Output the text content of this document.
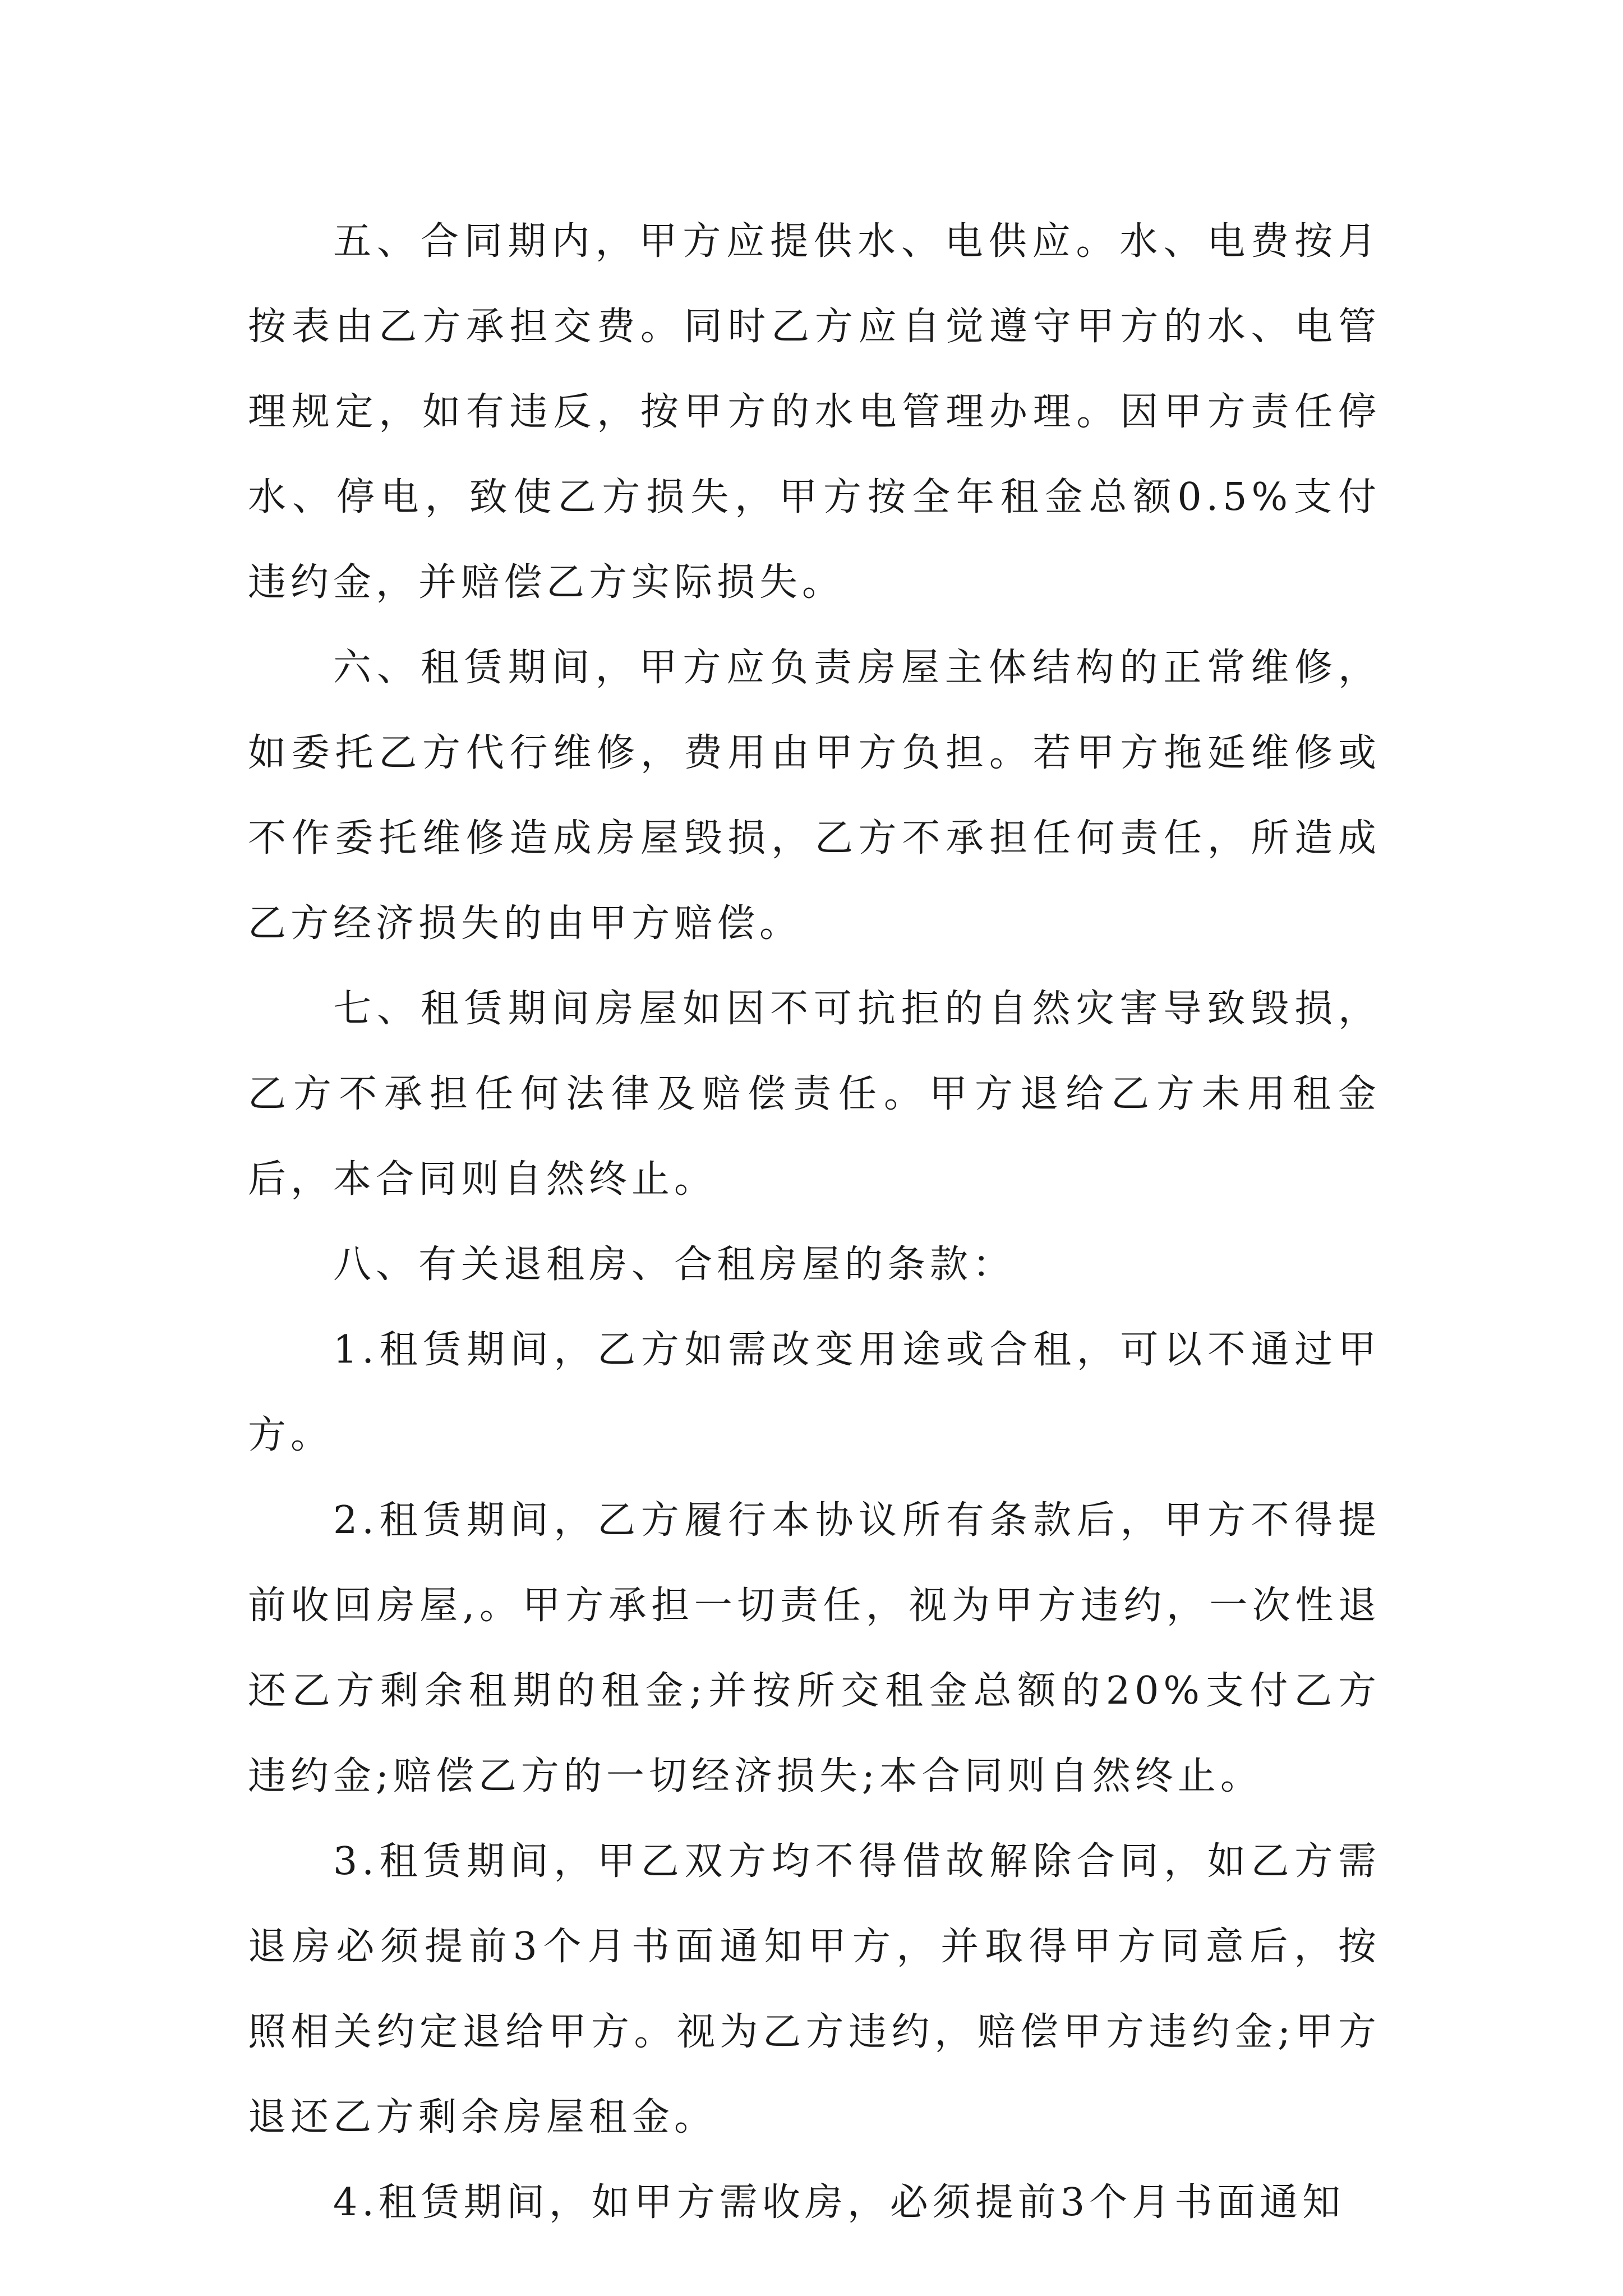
五、合同期内，甲方应提供水、电供应。水、电费按月按表由乙方承担交费。同时乙方应自觉遵守甲方的水、电管理规定，如有违反，按甲方的水电管理办理。因甲方责任停水、停电，致使乙方损失，甲方按全年租金总额0.5%支付违约金，并赔偿乙方实际损失。

六、租赁期间，甲方应负责房屋主体结构的正常维修，如委托乙方代行维修，费用由甲方负担。若甲方拖延维修或不作委托维修造成房屋毁损，乙方不承担任何责任，所造成乙方经济损失的由甲方赔偿。

七、租赁期间房屋如因不可抗拒的自然灾害导致毁损，乙方不承担任何法律及赔偿责任。甲方退给乙方未用租金后，本合同则自然终止。

八、有关退租房、合租房屋的条款：

1.租赁期间，乙方如需改变用途或合租，可以不通过甲方。

2.租赁期间，乙方履行本协议所有条款后，甲方不得提前收回房屋,。甲方承担一切责任，视为甲方违约，一次性退还乙方剩余租期的租金;并按所交租金总额的20%支付乙方违约金;赔偿乙方的一切经济损失;本合同则自然终止。

3.租赁期间，甲乙双方均不得借故解除合同，如乙方需退房必须提前3个月书面通知甲方，并取得甲方同意后，按照相关约定退给甲方。视为乙方违约，赔偿甲方违约金;甲方退还乙方剩余房屋租金。

4.租赁期间，如甲方需收房，必须提前3个月书面通知
